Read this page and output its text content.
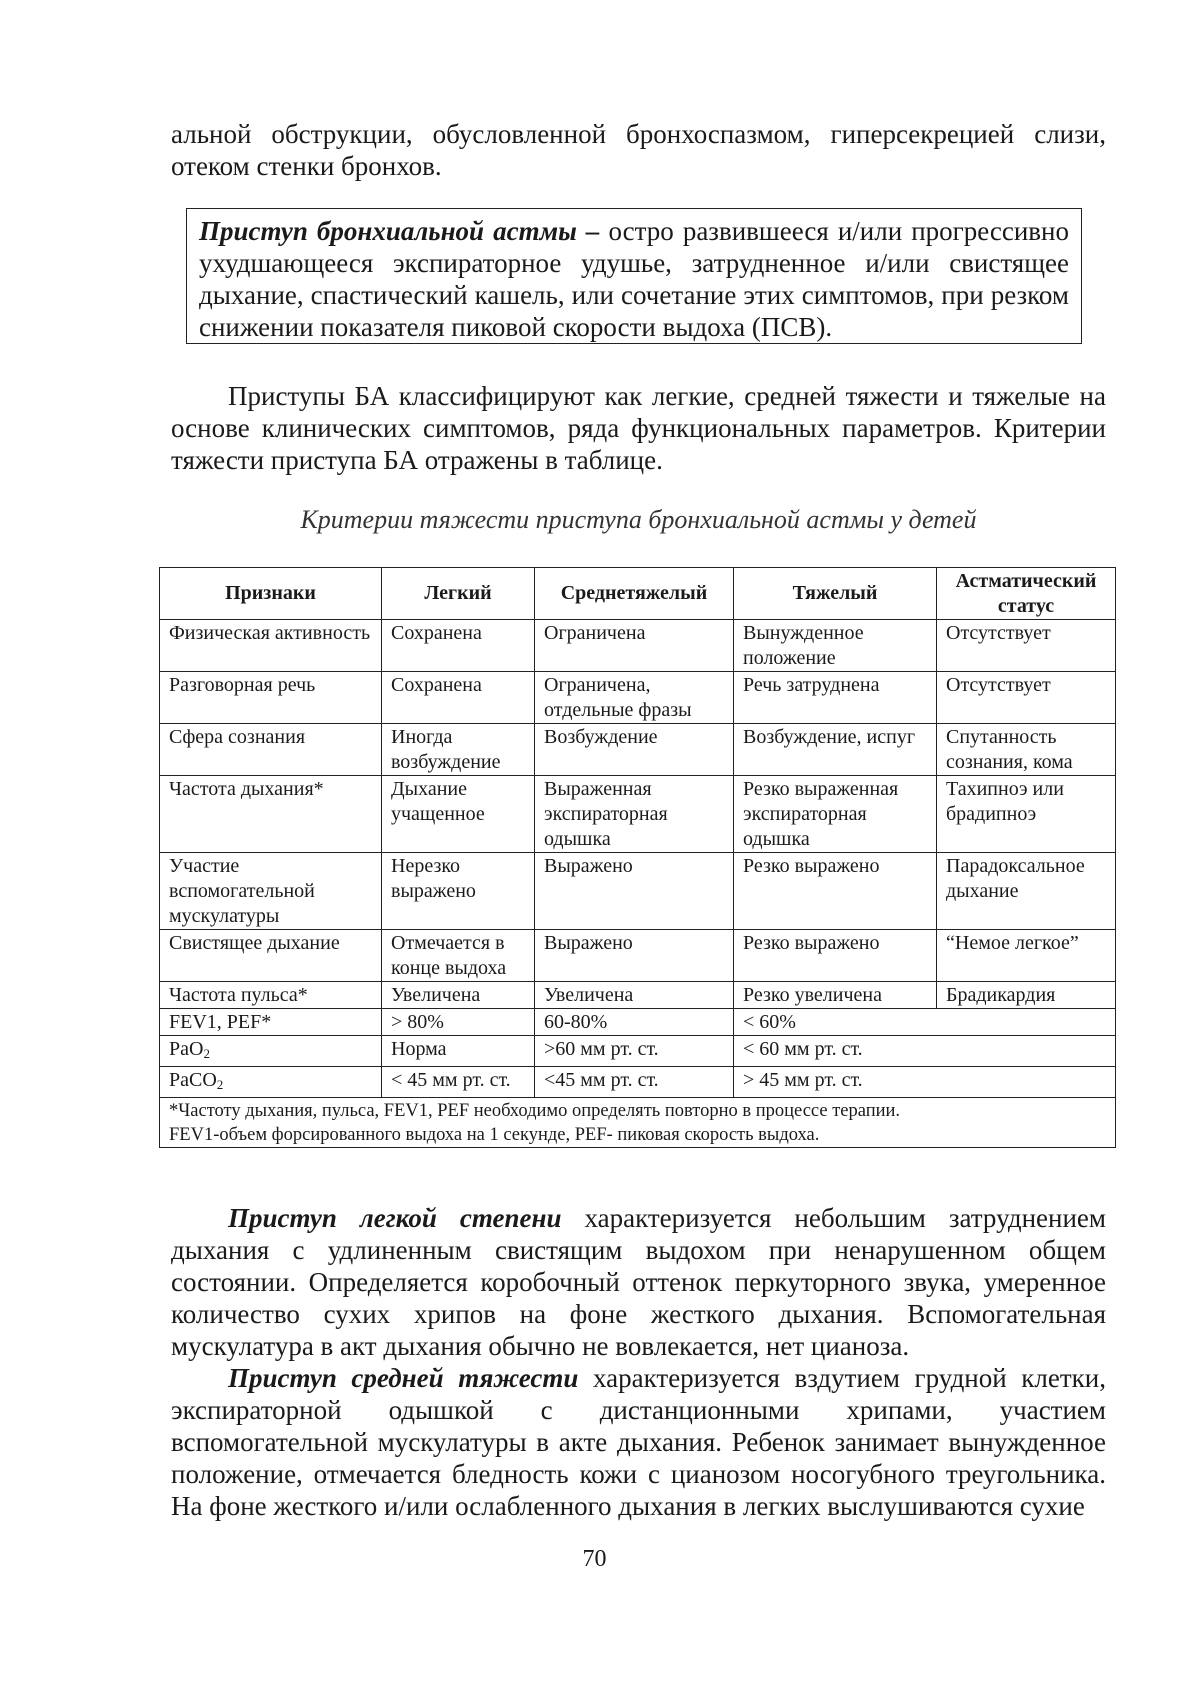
альной обструкции, обусловленной бронхоспазмом, гиперсекрецией слизи, отеком стенки бронхов.

Приступ бронхиальной астмы – остро развившееся и/или прогрессивно ухудшающееся экспираторное удушье, затрудненное и/или свистящее дыхание, спастический кашель, или сочетание этих симптомов, при резком снижении показателя пиковой скорости выдоха (ПСВ).

Приступы БА классифицируют как легкие, средней тяжести и тяжелые на основе клинических симптомов, ряда функциональных параметров. Критерии тяжести приступа БА отражены в таблице.

Критерии тяжести приступа бронхиальной астмы у детей
Признаки	Легкий	Среднетяжелый	Тяжелый	Астматический статус
Физическая активность	Сохранена	Ограничена	Вынужденное положение	Отсутствует
Разговорная речь	Сохранена	Ограничена, отдельные фразы	Речь затруднена	Отсутствует
Сфера сознания	Иногда возбуждение	Возбуждение	Возбуждение, испуг	Спутанность сознания, кома
Частота дыхания*	Дыхание учащенное	Выраженная экспираторная одышка	Резко выраженная экспираторная одышка	Тахипноэ или брадипноэ
Участие вспомогательной мускулатуры	Нерезко выражено	Выражено	Резко выражено	Парадоксальное дыхание
Свистящее дыхание	Отмечается в конце выдоха	Выражено	Резко выражено	“Немое легкое”
Частота пульса*	Увеличена	Увеличена	Резко увеличена	Брадикардия
FEV1, PEF*	> 80%	60-80%	< 60%	
PaO$_2$	Норма	>60 мм рт. ст.	< 60 мм рт. ст.	
PaCO$_2$	< 45 мм рт. ст.	<45 мм рт. ст.	> 45 мм рт. ст.	

*Частоту дыхания, пульса, FEV1, PEF необходимо определять повторно в процессе терапии.
FEV1-объем форсированного выдоха на 1 секунде, PEF- пиковая скорость выдоха.				

Приступ легкой степени характеризуется небольшим затруднением дыхания с удлиненным свистящим выдохом при ненарушенном общем состоянии. Определяется коробочный оттенок перкуторного звука, умеренное количество сухих хрипов на фоне жесткого дыхания. Вспомогательная мускулатура в акт дыхания обычно не вовлекается, нет цианоза.

Приступ средней тяжести характеризуется вздутием грудной клетки, экспираторной одышкой с дистанционными хрипами, участием вспомогательной мускулатуры в акте дыхания. Ребенок занимает вынужденное положение, отмечается бледность кожи с цианозом носогубного треугольника. На фоне жесткого и/или ослабленного дыхания в легких выслушиваются сухие

70
